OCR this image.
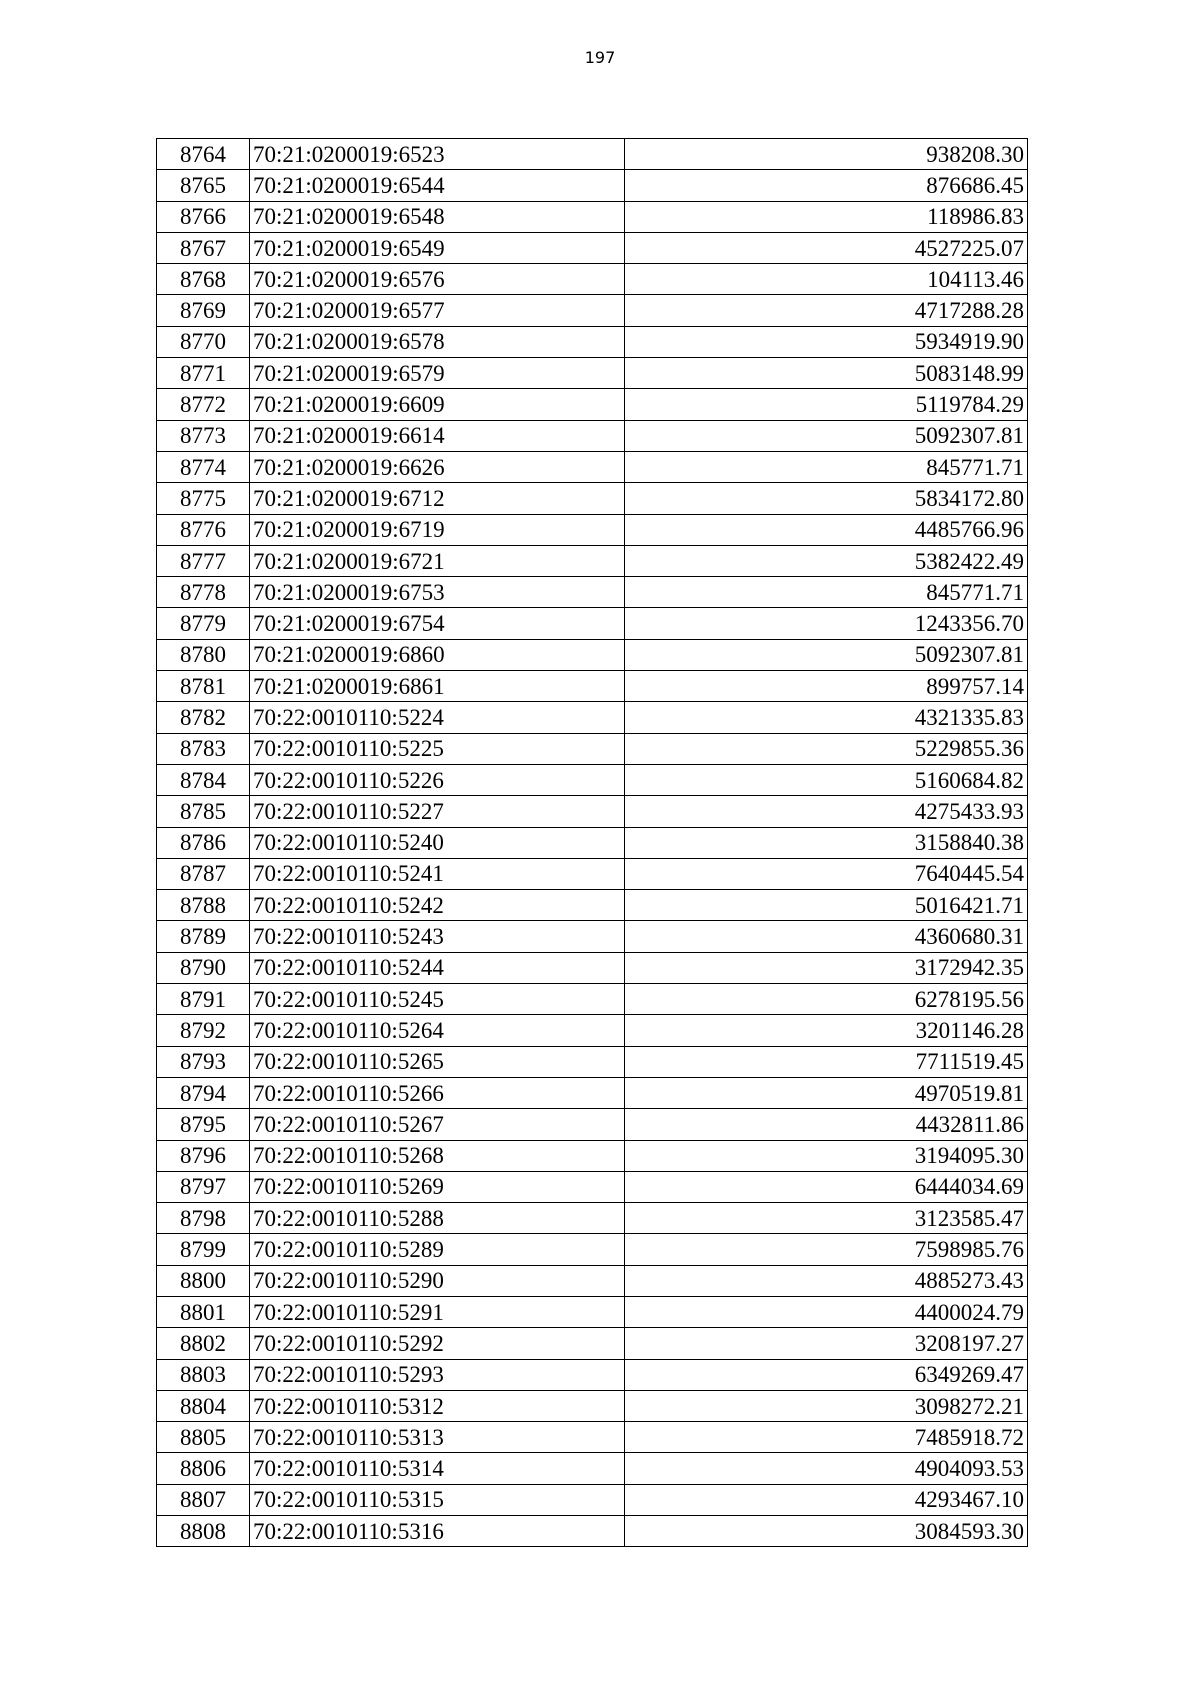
197
8764	70:21:0200019:6523	938208.30
8765	70:21:0200019:6544	876686.45
8766	70:21:0200019:6548	118986.83
8767	70:21:0200019:6549	4527225.07
8768	70:21:0200019:6576	104113.46
8769	70:21:0200019:6577	4717288.28
8770	70:21:0200019:6578	5934919.90
8771	70:21:0200019:6579	5083148.99
8772	70:21:0200019:6609	5119784.29
8773	70:21:0200019:6614	5092307.81
8774	70:21:0200019:6626	845771.71
8775	70:21:0200019:6712	5834172.80
8776	70:21:0200019:6719	4485766.96
8777	70:21:0200019:6721	5382422.49
8778	70:21:0200019:6753	845771.71
8779	70:21:0200019:6754	1243356.70
8780	70:21:0200019:6860	5092307.81
8781	70:21:0200019:6861	899757.14
8782	70:22:0010110:5224	4321335.83
8783	70:22:0010110:5225	5229855.36
8784	70:22:0010110:5226	5160684.82
8785	70:22:0010110:5227	4275433.93
8786	70:22:0010110:5240	3158840.38
8787	70:22:0010110:5241	7640445.54
8788	70:22:0010110:5242	5016421.71
8789	70:22:0010110:5243	4360680.31
8790	70:22:0010110:5244	3172942.35
8791	70:22:0010110:5245	6278195.56
8792	70:22:0010110:5264	3201146.28
8793	70:22:0010110:5265	7711519.45
8794	70:22:0010110:5266	4970519.81
8795	70:22:0010110:5267	4432811.86
8796	70:22:0010110:5268	3194095.30
8797	70:22:0010110:5269	6444034.69
8798	70:22:0010110:5288	3123585.47
8799	70:22:0010110:5289	7598985.76
8800	70:22:0010110:5290	4885273.43
8801	70:22:0010110:5291	4400024.79
8802	70:22:0010110:5292	3208197.27
8803	70:22:0010110:5293	6349269.47
8804	70:22:0010110:5312	3098272.21
8805	70:22:0010110:5313	7485918.72
8806	70:22:0010110:5314	4904093.53
8807	70:22:0010110:5315	4293467.10
8808	70:22:0010110:5316	3084593.30
